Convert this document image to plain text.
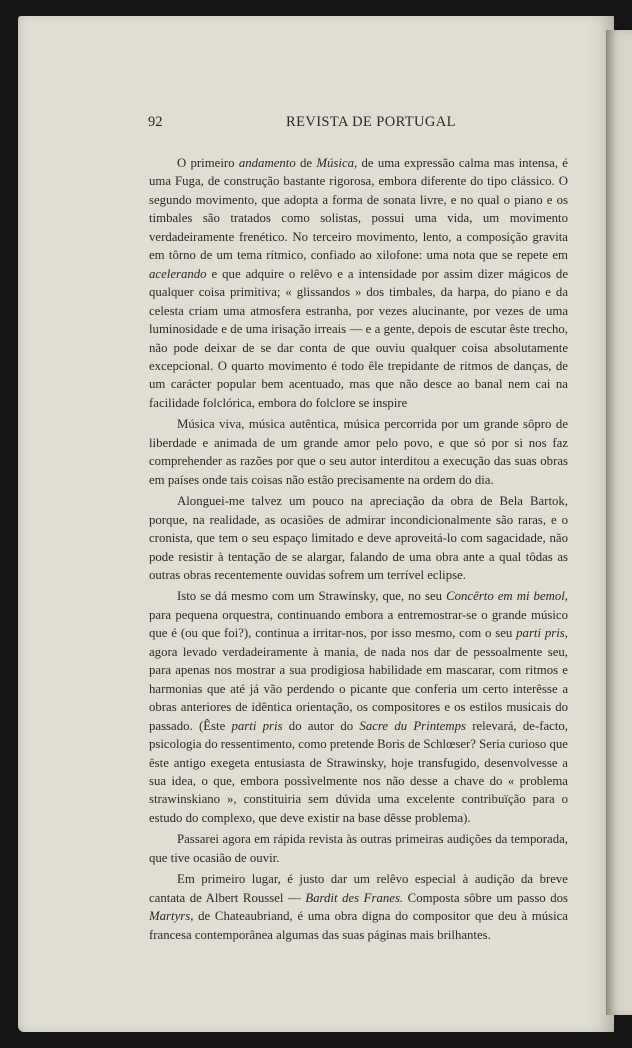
92	REVISTA DE PORTUGAL

O primeiro andamento de Música, de uma expressão calma mas intensa, é uma Fuga, de construção bastante rigorosa, embora diferente do tipo clássico. O segundo movimento, que adopta a forma de sonata livre, e no qual o piano e os timbales são tratados como solistas, possui uma vida, um movimento verdadeiramente frenético. No terceiro movimento, lento, a composição gravita em tôrno de um tema rítmico, confiado ao xilofone: uma nota que se repete em acelerando e que adquire o relêvo e a intensidade por assim dizer mágicos de qualquer coisa primitiva; « glissandos » dos timbales, da harpa, do piano e da celesta criam uma atmosfera estranha, por vezes alucinante, por vezes de uma luminosidade e de uma irisação irreais — e a gente, depois de escutar êste trecho, não pode deixar de se dar conta de que ouviu qualquer coisa absolutamente excepcional. O quarto movimento é todo êle trepidante de ritmos de danças, de um carácter popular bem acentuado, mas que não desce ao banal nem cai na facilidade folclórica, embora do folclore se inspire

Música viva, música autêntica, música percorrida por um grande sôpro de liberdade e animada de um grande amor pelo povo, e que só por si nos faz comprehender as razões por que o seu autor interditou a execução das suas obras em países onde tais coisas não estão precisamente na ordem do dia.

Alonguei-me talvez um pouco na apreciação da obra de Bela Bartok, porque, na realidade, as ocasiões de admirar incondicionalmente são raras, e o cronista, que tem o seu espaço limitado e deve aproveitá-lo com sagacidade, não pode resistir à tentação de se alargar, falando de uma obra ante a qual tôdas as outras obras recentemente ouvidas sofrem um terrível eclipse.

Isto se dá mesmo com um Strawinsky, que, no seu Concêrto em mi bemol, para pequena orquestra, continuando embora a entremostrar-se o grande músico que é (ou que foi?), continua a irritar-nos, por isso mesmo, com o seu parti pris, agora levado verdadeiramente à mania, de nada nos dar de pessoalmente seu, para apenas nos mostrar a sua prodigiosa habilidade em mascarar, com ritmos e harmonias que até já vão perdendo o picante que conferia um certo interêsse a obras anteriores de idêntica orientação, os compositores e os estilos musicais do passado. (Êste parti pris do autor do Sacre du Printemps relevará, de-facto, psicologia do ressentimento, como pretende Boris de Schlœser? Seria curioso que êste antigo exegeta entusiasta de Strawinsky, hoje transfugido, desenvolvesse a sua idea, o que, embora possìvelmente nos não desse a chave do « problema strawinskiano », constituiria sem dúvida uma excelente contribuïção para o estudo do complexo, que deve existir na base dêsse problema).

Passarei agora em rápida revista às outras primeiras audições da temporada, que tive ocasião de ouvir.

Em primeiro lugar, é justo dar um relêvo especial à audição da breve cantata de Albert Roussel — Bardit des Franes. Composta sôbre um passo dos Martyrs, de Chateaubriand, é uma obra digna do compositor que deu à música francesa contemporânea algumas das suas páginas mais brilhantes.
